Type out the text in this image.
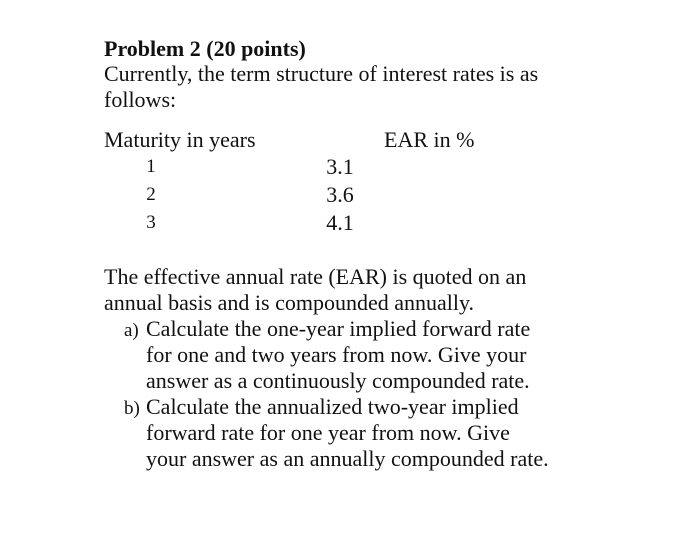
Problem 2 (20 points)
Currently, the term structure of interest rates is as
follows:
Maturity in years	EAR in %
1	3.1
2	3.6
3	4.1
The effective annual rate (EAR) is quoted on an
annual basis and is compounded annually.
a) Calculate the one-year implied forward rate
for one and two years from now. Give your
answer as a continuously compounded rate.
b) Calculate the annualized two-year implied
forward rate for one year from now. Give
your answer as an annually compounded rate.
